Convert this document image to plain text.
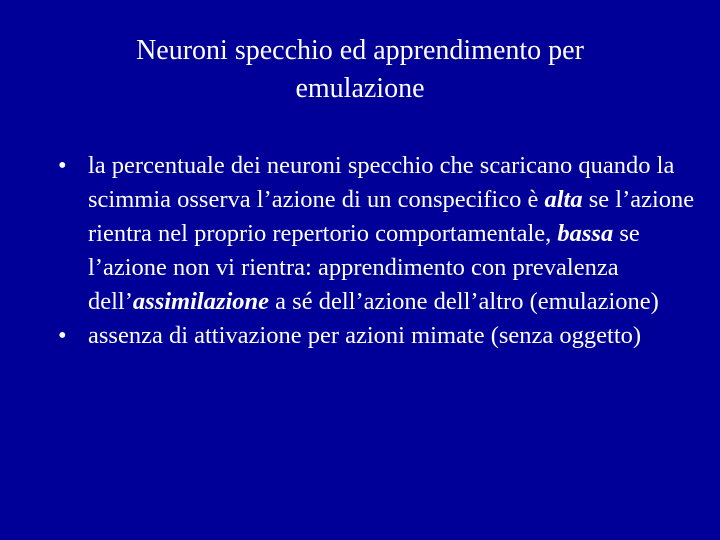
Neuroni specchio ed apprendimento per
emulazione
• la percentuale dei neuroni specchio che scaricano quando la scimmia osserva l’azione di un conspecifico è alta se l’azione rientra nel proprio repertorio comportamentale, bassa se l’azione non vi rientra: apprendimento con prevalenza dell’assimilazione a sé dell’azione dell’altro (emulazione)
• assenza di attivazione per azioni mimate (senza oggetto)
